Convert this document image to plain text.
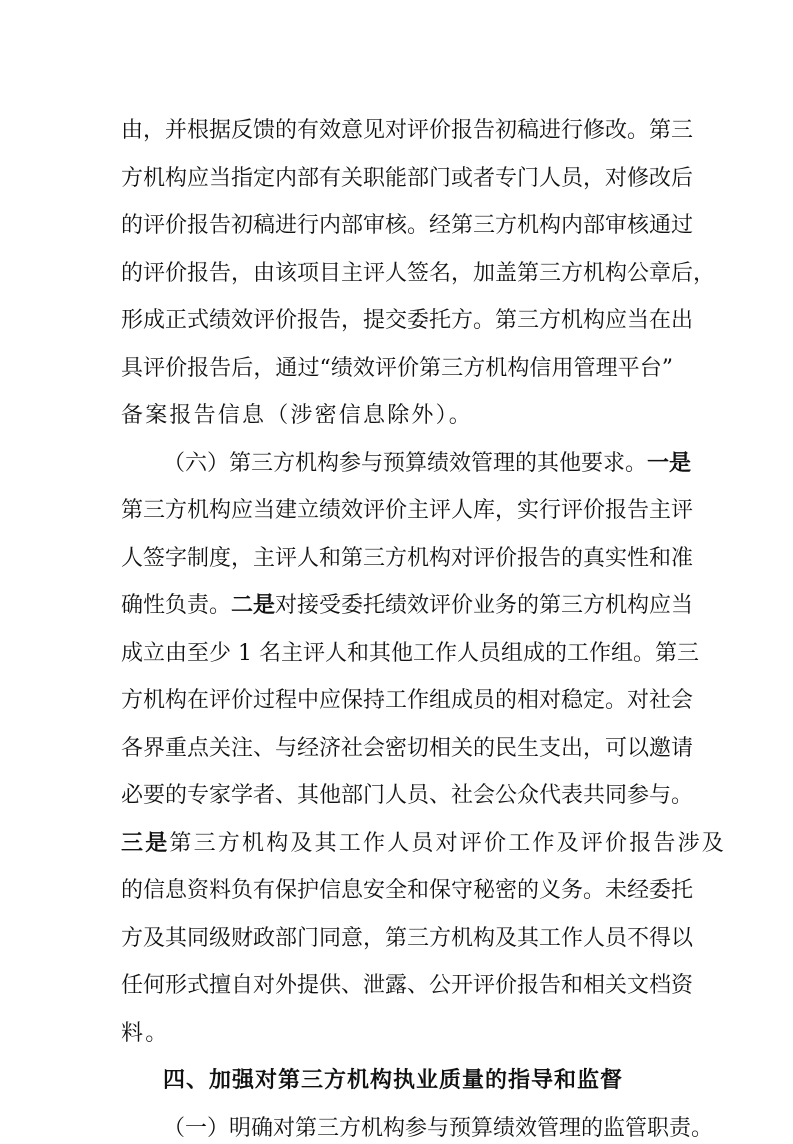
由，并根据反馈的有效意见对评价报告初稿进行修改。第三
方机构应当指定内部有关职能部门或者专门人员，对修改后
的评价报告初稿进行内部审核。经第三方机构内部审核通过
的评价报告，由该项目主评人签名，加盖第三方机构公章后，
形成正式绩效评价报告，提交委托方。第三方机构应当在出
具评价报告后，通过“绩效评价第三方机构信用管理平台”
备案报告信息（涉密信息除外）。
（六）第三方机构参与预算绩效管理的其他要求。一是
第三方机构应当建立绩效评价主评人库，实行评价报告主评
人签字制度，主评人和第三方机构对评价报告的真实性和准
确性负责。二是对接受委托绩效评价业务的第三方机构应当
成立由至少 1 名主评人和其他工作人员组成的工作组。第三
方机构在评价过程中应保持工作组成员的相对稳定。对社会
各界重点关注、与经济社会密切相关的民生支出，可以邀请
必要的专家学者、其他部门人员、社会公众代表共同参与。
三是第三方机构及其工作人员对评价工作及评价报告涉及
的信息资料负有保护信息安全和保守秘密的义务。未经委托
方及其同级财政部门同意，第三方机构及其工作人员不得以
任何形式擅自对外提供、泄露、公开评价报告和相关文档资
料。
四、加强对第三方机构执业质量的指导和监督
（一）明确对第三方机构参与预算绩效管理的监管职责。
